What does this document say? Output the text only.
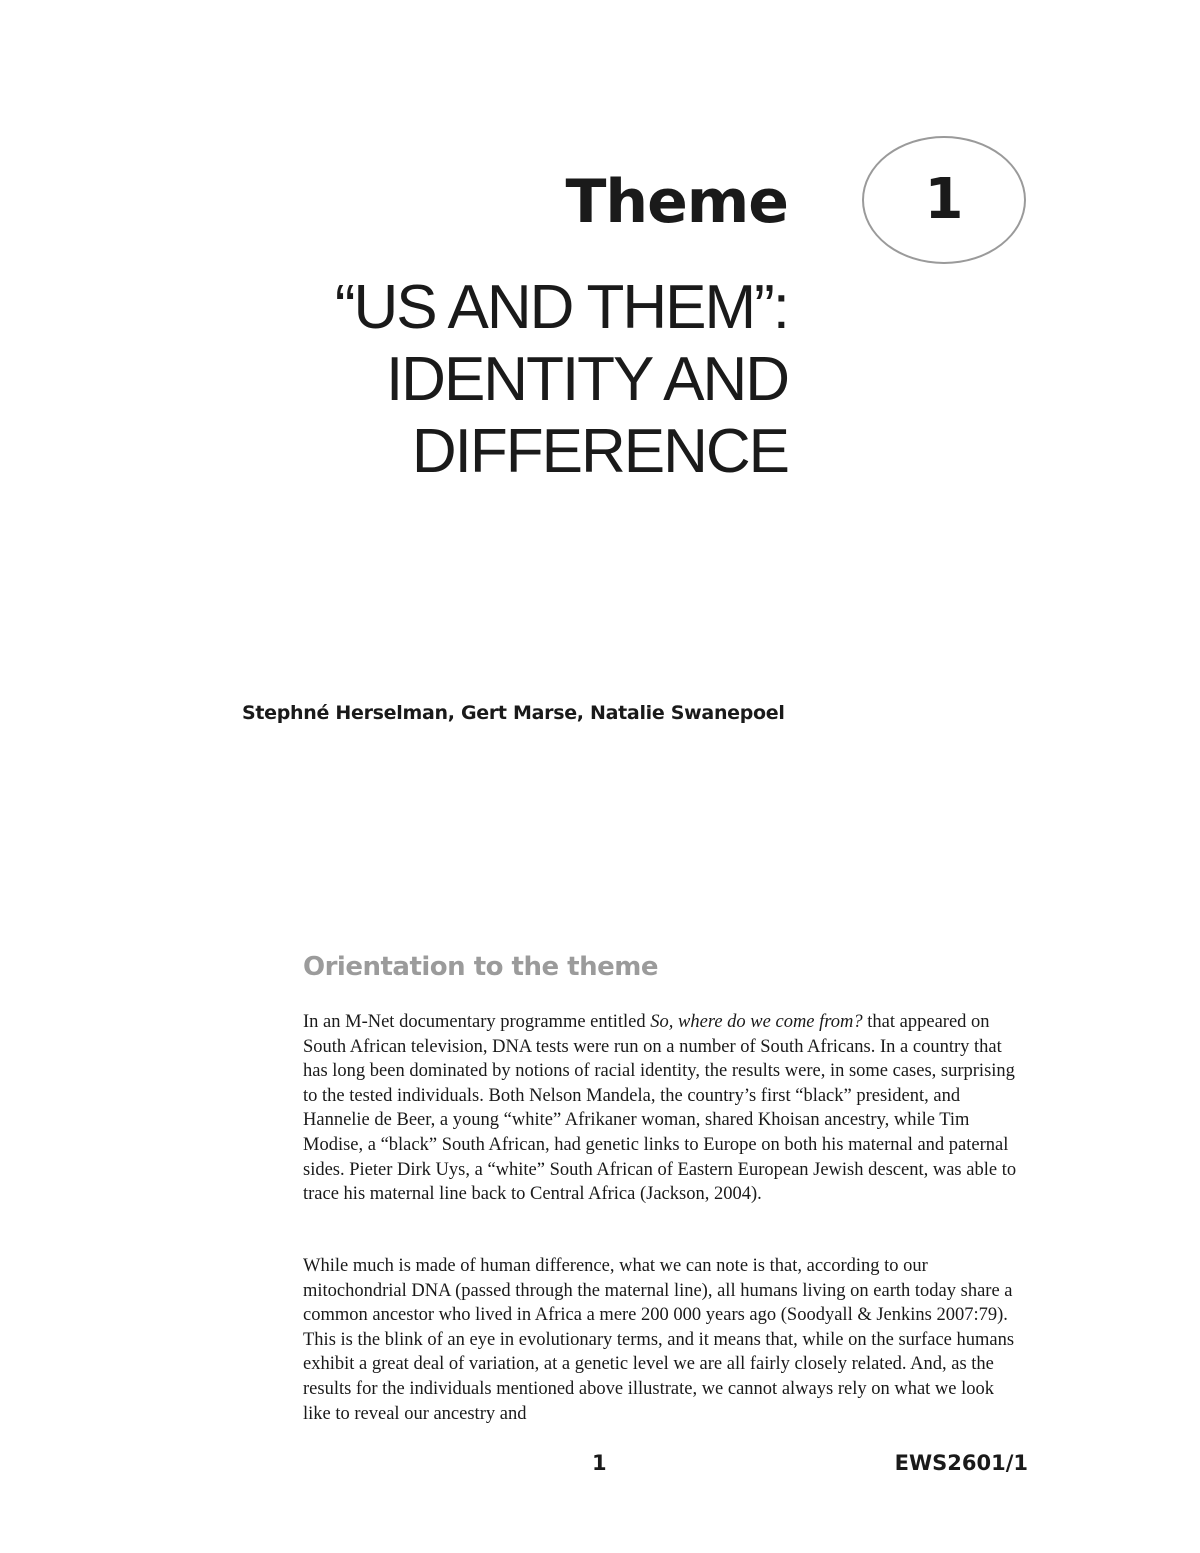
Theme 1
“US AND THEM”:
IDENTITY AND
DIFFERENCE

Stephné Herselman, Gert Marse, Natalie Swanepoel

Orientation to the theme

In an M-Net documentary programme entitled So, where do we come from? that appeared on South African television, DNA tests were run on a number of South Africans. In a country that has long been dominated by notions of racial identity, the results were, in some cases, surprising to the tested individuals. Both Nelson Mandela, the country’s first “black” president, and Hannelie de Beer, a young “white” Afrikaner woman, shared Khoisan ancestry, while Tim Modise, a “black” South African, had genetic links to Europe on both his maternal and paternal sides. Pieter Dirk Uys, a “white” South African of Eastern European Jewish descent, was able to trace his maternal line back to Central Africa (Jackson, 2004).

While much is made of human difference, what we can note is that, according to our mitochondrial DNA (passed through the maternal line), all humans living on earth today share a common ancestor who lived in Africa a mere 200 000 years ago (Soodyall & Jenkins 2007:79). This is the blink of an eye in evolutionary terms, and it means that, while on the surface humans exhibit a great deal of variation, at a genetic level we are all fairly closely related. And, as the results for the individuals mentioned above illustrate, we cannot always rely on what we look like to reveal our ancestry and

1	EWS2601/1
